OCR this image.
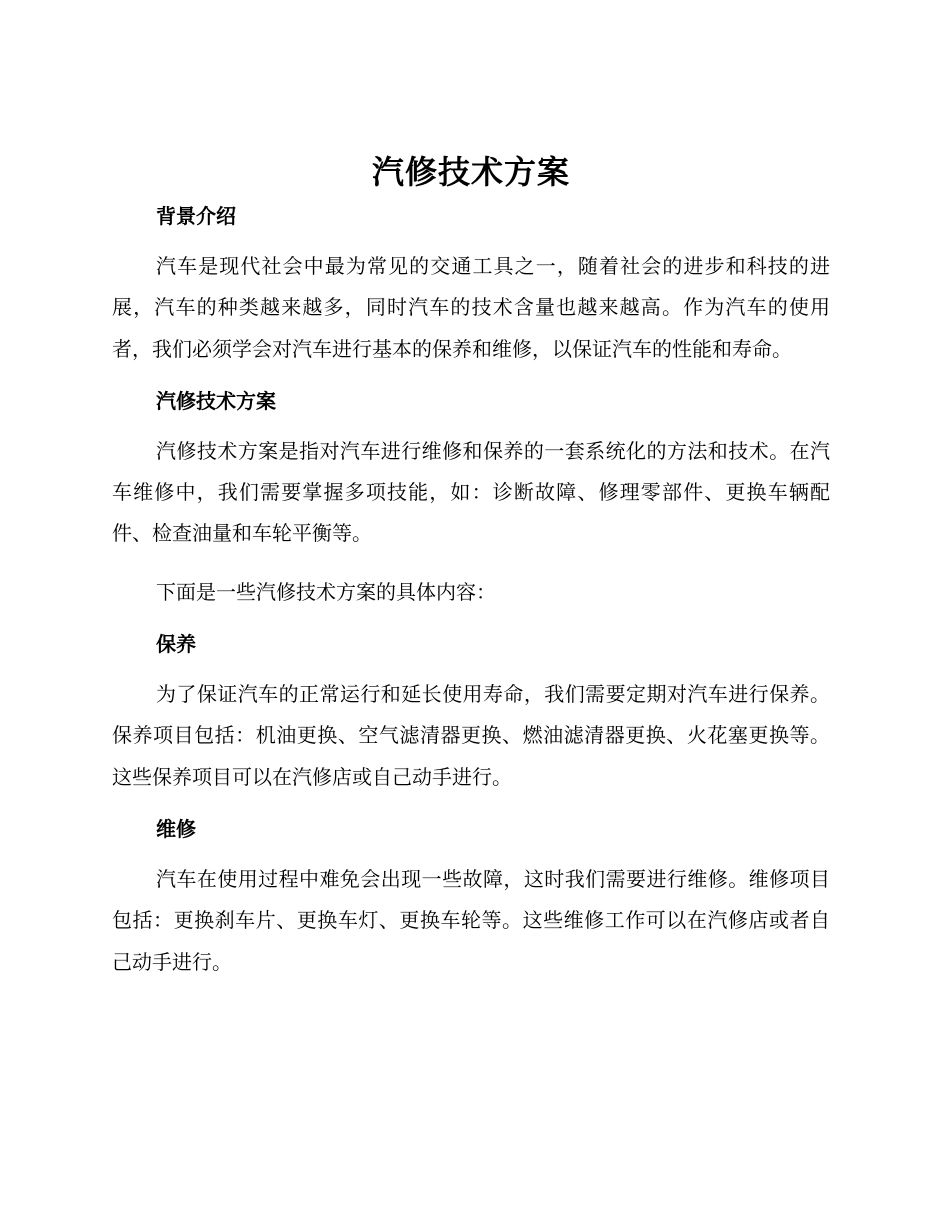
汽修技术方案
背景介绍

汽车是现代社会中最为常见的交通工具之一，随着社会的进步和科技的进展，汽车的种类越来越多，同时汽车的技术含量也越来越高。作为汽车的使用者，我们必须学会对汽车进行基本的保养和维修，以保证汽车的性能和寿命。

汽修技术方案

汽修技术方案是指对汽车进行维修和保养的一套系统化的方法和技术。在汽车维修中，我们需要掌握多项技能，如：诊断故障、修理零部件、更换车辆配件、检查油量和车轮平衡等。

下面是一些汽修技术方案的具体内容：

保养

为了保证汽车的正常运行和延长使用寿命，我们需要定期对汽车进行保养。保养项目包括：机油更换、空气滤清器更换、燃油滤清器更换、火花塞更换等。这些保养项目可以在汽修店或自己动手进行。

维修

汽车在使用过程中难免会出现一些故障，这时我们需要进行维修。维修项目包括：更换刹车片、更换车灯、更换车轮等。这些维修工作可以在汽修店或者自己动手进行。
